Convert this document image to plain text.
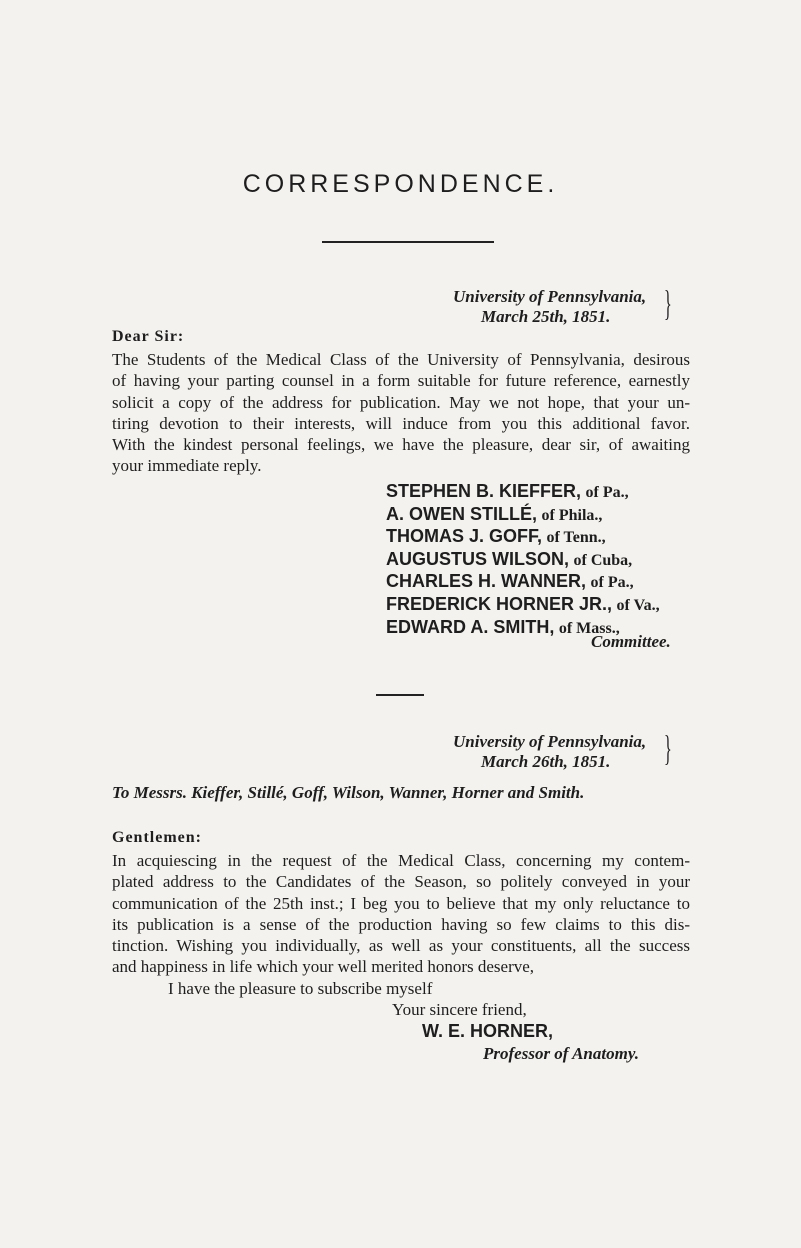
CORRESPONDENCE.
University of Pennsylvania,
March 25th, 1851.	}
Dear Sir:

The Students of the Medical Class of the University of Pennsylvania, desirous

of having your parting counsel in a form suitable for future reference, earnestly

solicit a copy of the address for publication. May we not hope, that your un-

tiring devotion to their interests, will induce from you this additional favor.

With the kindest personal feelings, we have the pleasure, dear sir, of awaiting

your immediate reply.

STEPHEN B. KIEFFER, of Pa.,
A. OWEN STILLÉ, of Phila.,
THOMAS J. GOFF, of Tenn.,
AUGUSTUS WILSON, of Cuba,
CHARLES H. WANNER, of Pa.,
FREDERICK HORNER JR., of Va.,
EDWARD A. SMITH, of Mass.,
Committee.
University of Pennsylvania,
March 26th, 1851.	}
To Messrs. Kieffer, Stillé, Goff, Wilson, Wanner, Horner and Smith.
Gentlemen:

In acquiescing in the request of the Medical Class, concerning my contem-

plated address to the Candidates of the Season, so politely conveyed in your

communication of the 25th inst.; I beg you to believe that my only reluctance to

its publication is a sense of the production having so few claims to this dis-

tinction. Wishing you individually, as well as your constituents, all the success

and happiness in life which your well merited honors deserve,

I have the pleasure to subscribe myself
Your sincere friend,
W. E. HORNER,
Professor of Anatomy.
